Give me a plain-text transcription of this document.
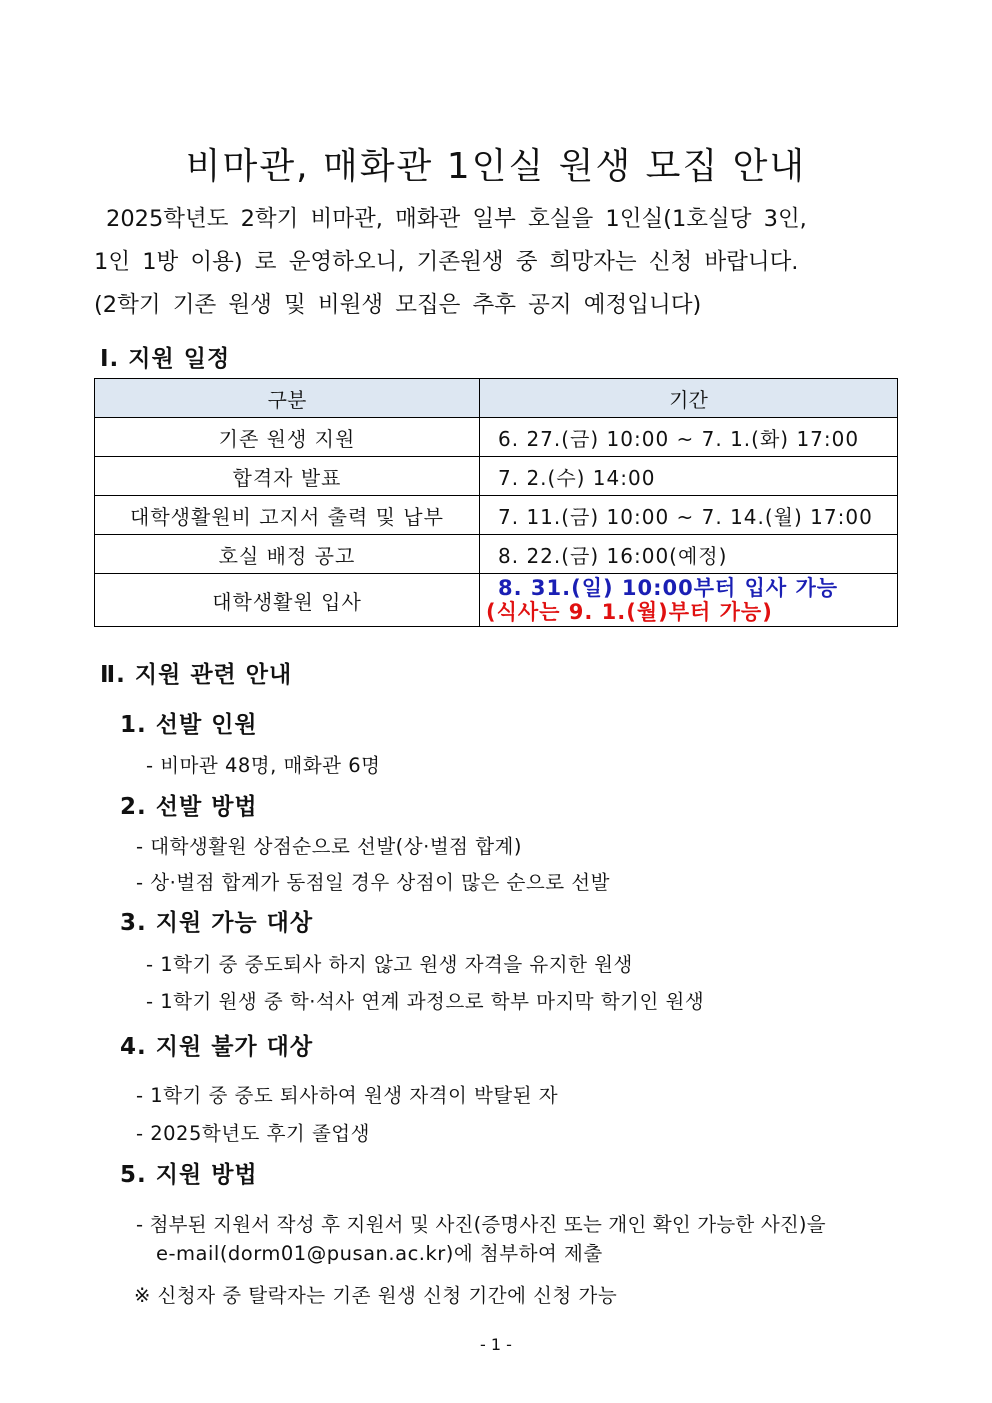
비마관, 매화관 1인실 원생 모집 안내
2025학년도 2학기 비마관, 매화관 일부 호실을 1인실(1호실당 3인,
1인 1방 이용) 로 운영하오니, 기존원생 중 희망자는 신청 바랍니다.
(2학기 기존 원생 및 비원생 모집은 추후 공지 예정입니다)
Ⅰ. 지원 일정
구분	기간
기존 원생 지원	6. 27.(금) 10:00 ~ 7. 1.(화) 17:00
합격자 발표	7. 2.(수) 14:00
대학생활원비 고지서 출력 및 납부	7. 11.(금) 10:00 ~ 7. 14.(월) 17:00
호실 배정 공고	8. 22.(금) 16:00(예정)
대학생활원 입사	8. 31.(일) 10:00부터 입사 가능
(식사는 9. 1.(월)부터 가능)
Ⅱ. 지원 관련 안내
1. 선발 인원
- 비마관 48명, 매화관 6명
2. 선발 방법
- 대학생활원 상점순으로 선발(상·벌점 합계)
- 상·벌점 합계가 동점일 경우 상점이 많은 순으로 선발
3. 지원 가능 대상
- 1학기 중 중도퇴사 하지 않고 원생 자격을 유지한 원생
- 1학기 원생 중 학·석사 연계 과정으로 학부 마지막 학기인 원생
4. 지원 불가 대상
- 1학기 중 중도 퇴사하여 원생 자격이 박탈된 자
- 2025학년도 후기 졸업생
5. 지원 방법
- 첨부된 지원서 작성 후 지원서 및 사진(증명사진 또는 개인 확인 가능한 사진)을
e-mail(dorm01@pusan.ac.kr)에 첨부하여 제출
※ 신청자 중 탈락자는 기존 원생 신청 기간에 신청 가능
- 1 -
